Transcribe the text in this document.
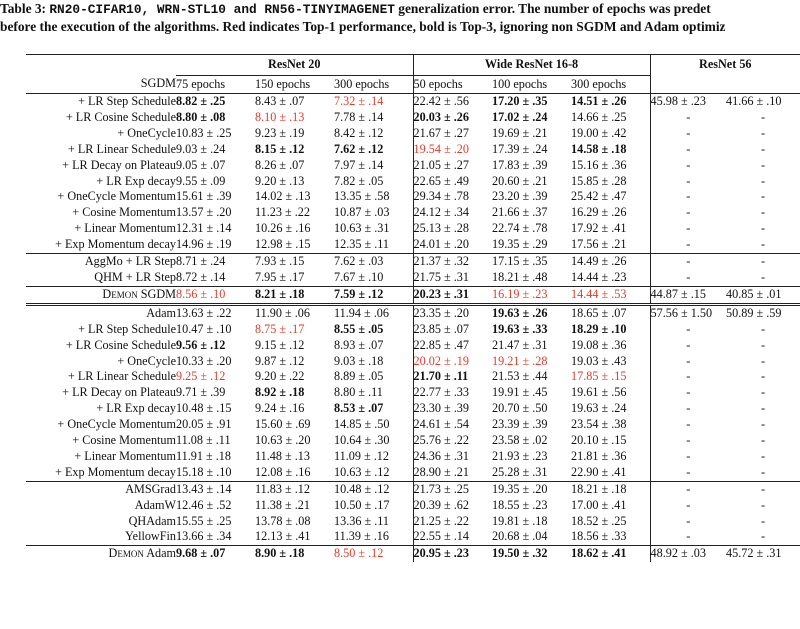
Table 3: RN20-CIFAR10, WRN-STL10 and RN56-TINYIMAGENET generalization error. The number of epochs was predet
before the execution of the algorithms. Red indicates Top-1 performance, bold is Top-3, ignoring non SGDM and Adam optimiz
	ResNet 20			Wide ResNet 16-8			ResNet 56		
SGDM	75 epochs	150 epochs	300 epochs	50 epochs	100 epochs	300 epochs			
+ LR Step Schedule	8.82 ± .25	8.43 ± .07	7.32 ± .14	22.42 ± .56	17.20 ± .35	14.51 ± .26	45.98 ± .23	41.66 ± .10	
+ LR Cosine Schedule	8.80 ± .08	8.10 ± .13	7.78 ± .14	20.03 ± .26	17.02 ± .24	14.66 ± .25	-	-	
+ OneCycle	10.83 ± .25	9.23 ± .19	8.42 ± .12	21.67 ± .27	19.69 ± .21	19.00 ± .42	-	-	
+ LR Linear Schedule	9.03 ± .24	8.15 ± .12	7.62 ± .12	19.54 ± .20	17.39 ± .24	14.58 ± .18	-	-	
+ LR Decay on Plateau	9.05 ± .07	8.26 ± .07	7.97 ± .14	21.05 ± .27	17.83 ± .39	15.16 ± .36	-	-	
+ LR Exp decay	9.55 ± .09	9.20 ± .13	7.82 ± .05	22.65 ± .49	20.60 ± .21	15.85 ± .28	-	-	
+ OneCycle Momentum	15.61 ± .39	14.02 ± .13	13.35 ± .58	29.34 ± .78	23.20 ± .39	25.42 ± .47	-	-	
+ Cosine Momentum	13.57 ± .20	11.23 ± .22	10.87 ± .03	24.12 ± .34	21.66 ± .37	16.29 ± .26	-	-	
+ Linear Momentum	12.31 ± .14	10.26 ± .16	10.63 ± .31	25.13 ± .28	22.74 ± .78	17.92 ± .41	-	-	
+ Exp Momentum decay	14.96 ± .19	12.98 ± .15	12.35 ± .11	24.01 ± .20	19.35 ± .29	17.56 ± .21	-	-	
AggMo + LR Step	8.71 ± .24	7.93 ± .15	7.62 ± .03	21.37 ± .32	17.15 ± .35	14.49 ± .26	-	-	
QHM + LR Step	8.72 ± .14	7.95 ± .17	7.67 ± .10	21.75 ± .31	18.21 ± .48	14.44 ± .23	-	-	
Demon SGDM	8.56 ± .10	8.21 ± .18	7.59 ± .12	20.23 ± .31	16.19 ± .23	14.44 ± .53	44.87 ± .15	40.85 ± .01	
Adam	13.63 ± .22	11.90 ± .06	11.94 ± .06	23.35 ± .20	19.63 ± .26	18.65 ± .07	57.56 ± 1.50	50.89 ± .59	
+ LR Step Schedule	10.47 ± .10	8.75 ± .17	8.55 ± .05	23.85 ± .07	19.63 ± .33	18.29 ± .10	-	-	
+ LR Cosine Schedule	9.56 ± .12	9.15 ± .12	8.93 ± .07	22.85 ± .47	21.47 ± .31	19.08 ± .36	-	-	
+ OneCycle	10.33 ± .20	9.87 ± .12	9.03 ± .18	20.02 ± .19	19.21 ± .28	19.03 ± .43	-	-	
+ LR Linear Schedule	9.25 ± .12	9.20 ± .22	8.89 ± .05	21.70 ± .11	21.53 ± .44	17.85 ± .15	-	-	
+ LR Decay on Plateau	9.71 ± .39	8.92 ± .18	8.80 ± .11	22.77 ± .33	19.91 ± .45	19.61 ± .56	-	-	
+ LR Exp decay	10.48 ± .15	9.24 ± .16	8.53 ± .07	23.30 ± .39	20.70 ± .50	19.63 ± .24	-	-	
+ OneCycle Momentum	20.05 ± .91	15.60 ± .69	14.85 ± .50	24.61 ± .54	23.39 ± .39	23.54 ± .38	-	-	
+ Cosine Momentum	11.08 ± .11	10.63 ± .20	10.64 ± .30	25.76 ± .22	23.58 ± .02	20.10 ± .15	-	-	
+ Linear Momentum	11.91 ± .18	11.48 ± .13	11.09 ± .12	24.36 ± .31	21.93 ± .23	21.81 ± .36	-	-	
+ Exp Momentum decay	15.18 ± .10	12.08 ± .16	10.63 ± .12	28.90 ± .21	25.28 ± .31	22.90 ± .41	-	-	
AMSGrad	13.43 ± .14	11.83 ± .12	10.48 ± .12	21.73 ± .25	19.35 ± .20	18.21 ± .18	-	-	
AdamW	12.46 ± .52	11.38 ± .21	10.50 ± .17	20.39 ± .62	18.55 ± .23	17.00 ± .41	-	-	
QHAdam	15.55 ± .25	13.78 ± .08	13.36 ± .11	21.25 ± .22	19.81 ± .18	18.52 ± .25	-	-	
YellowFin	13.66 ± .34	12.13 ± .41	11.39 ± .16	22.55 ± .14	20.68 ± .04	18.56 ± .33	-	-	
Demon Adam	9.68 ± .07	8.90 ± .18	8.50 ± .12	20.95 ± .23	19.50 ± .32	18.62 ± .41	48.92 ± .03	45.72 ± .31	
